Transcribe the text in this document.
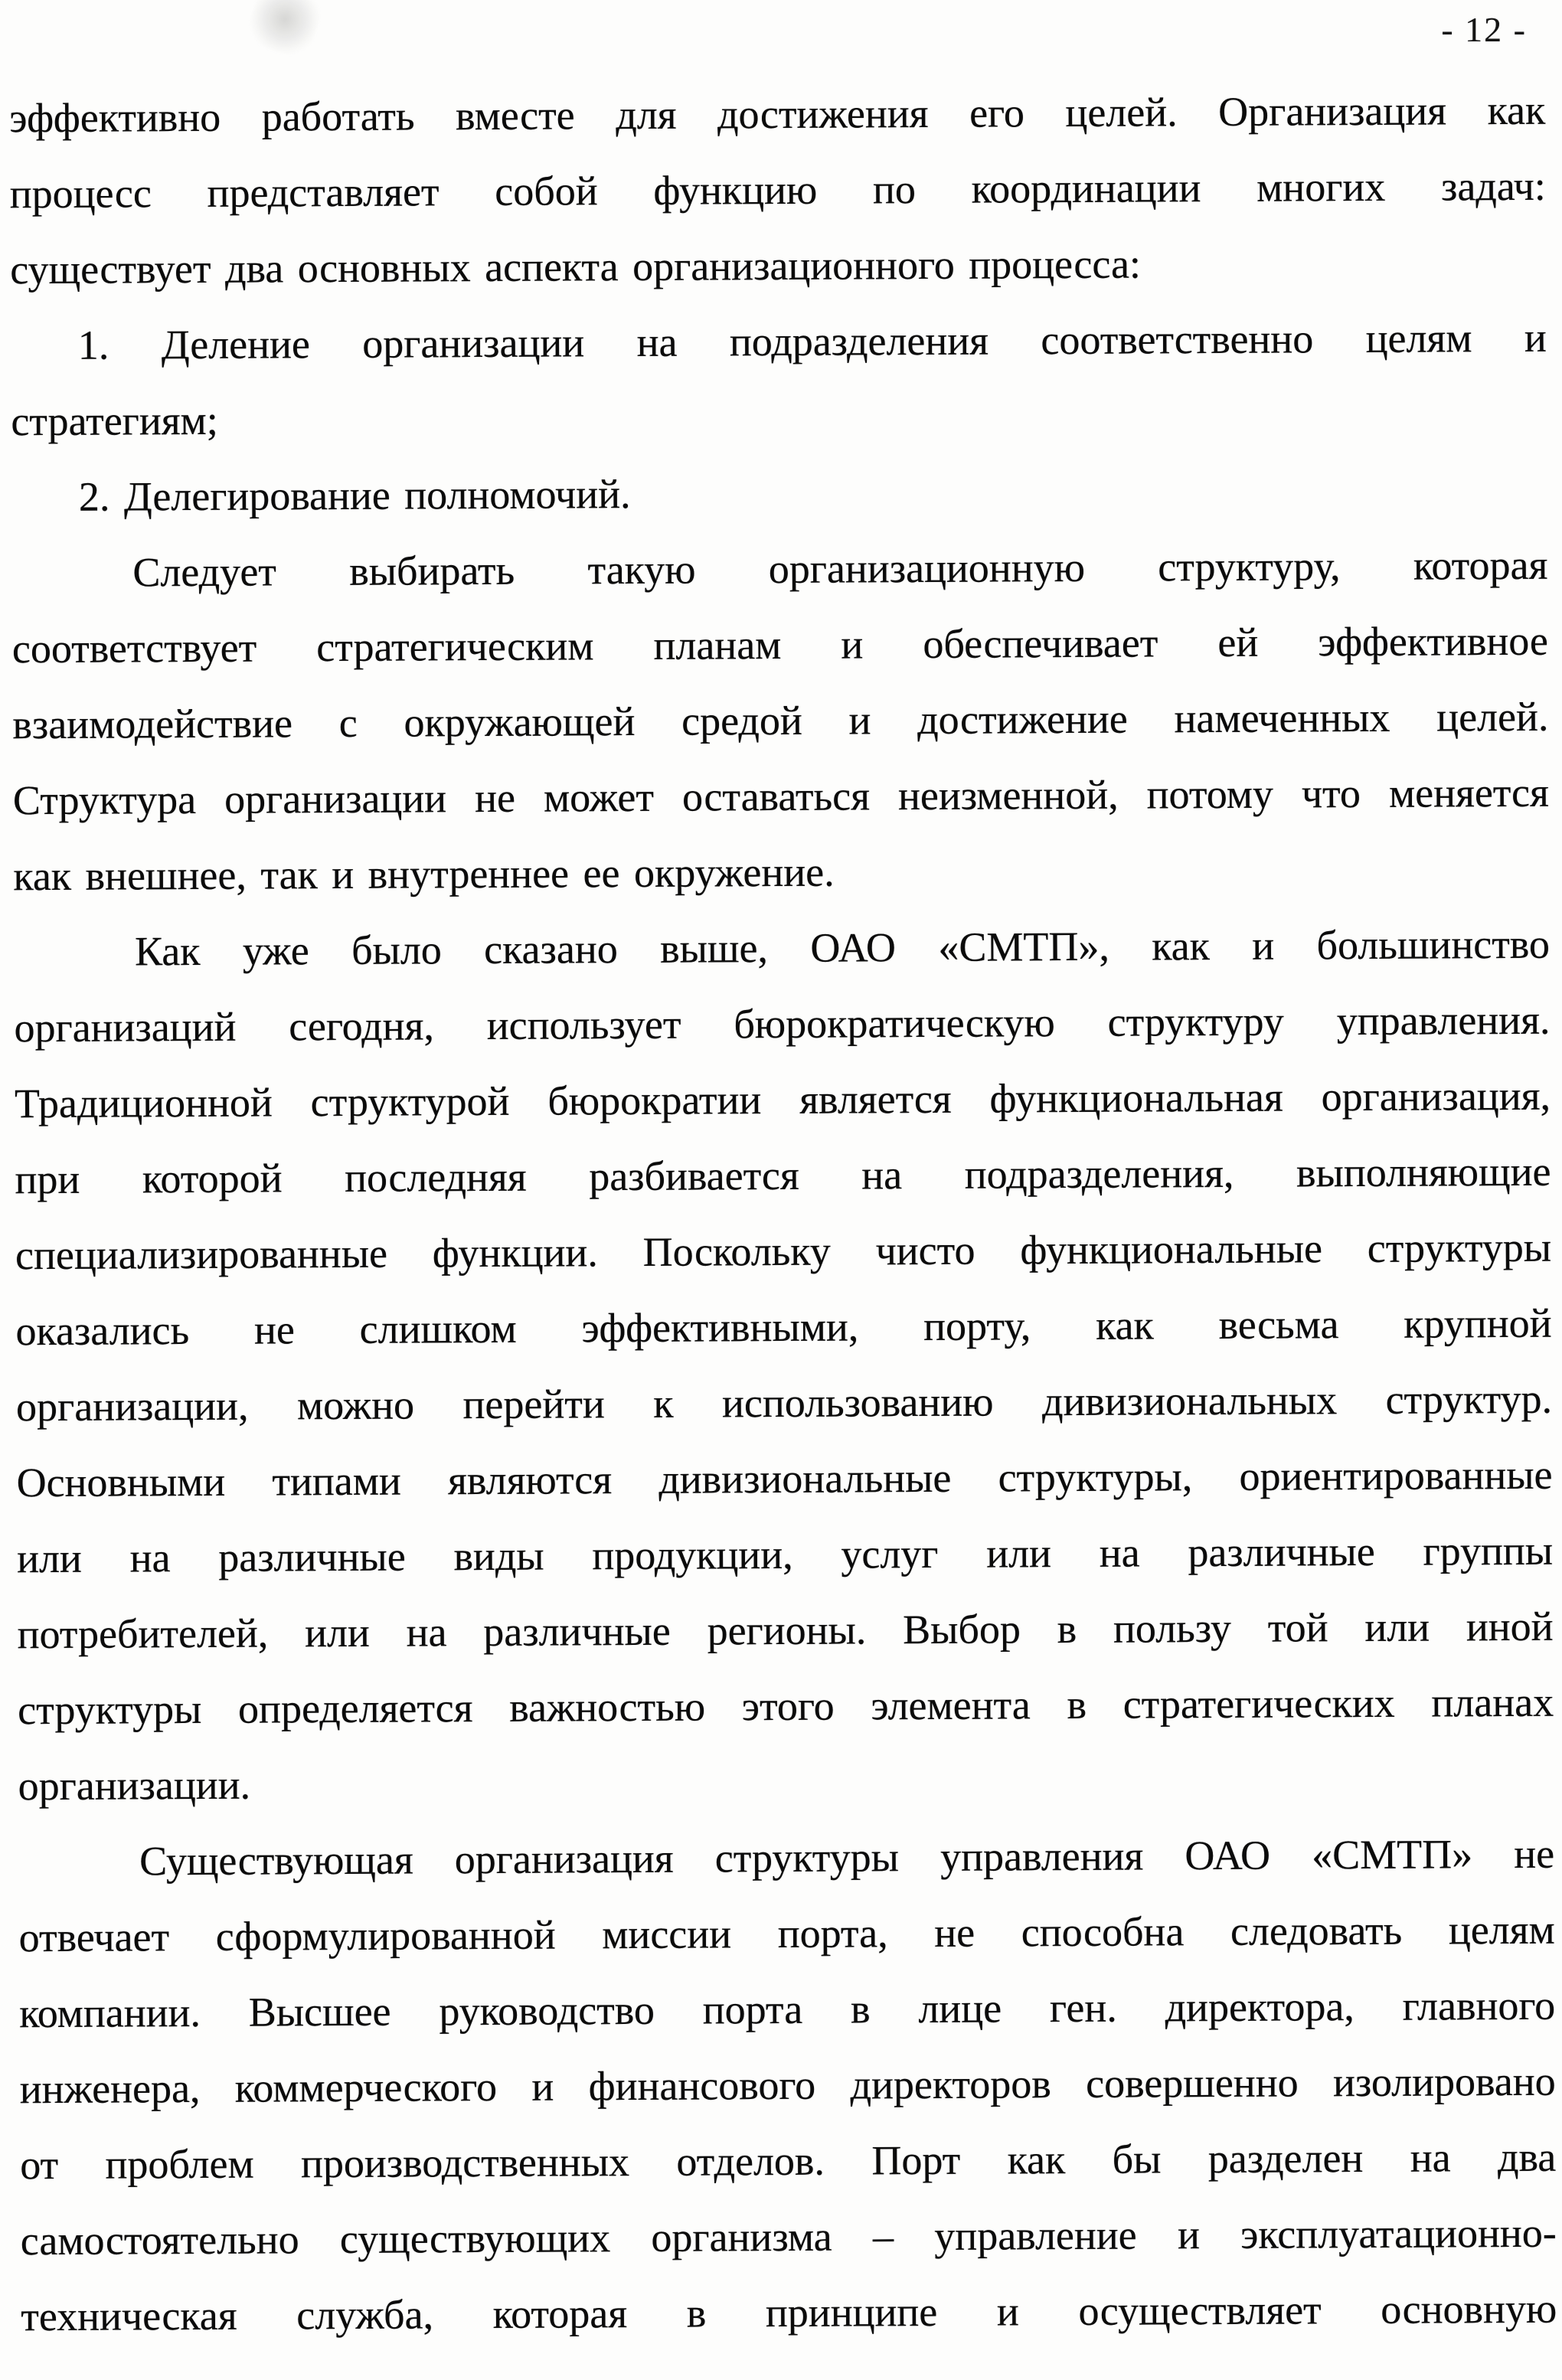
- 12 -
эффективно работать вместе для достижения его целей. Организация как
процесс представляет собой функцию по координации многих задач:
существует два основных аспекта организационного процесса:
1. Деление организации на подразделения соответственно целям и
стратегиям;
2. Делегирование полномочий.
Следует выбирать такую организационную структуру, которая
соответствует стратегическим планам и обеспечивает ей эффективное
взаимодействие с окружающей средой и достижение намеченных целей.
Структура организации не может оставаться неизменной, потому что меняется
как внешнее, так и внутреннее ее окружение.
Как уже было сказано выше, ОАО «СМТП», как и большинство
организаций сегодня, использует бюрократическую структуру управления.
Традиционной структурой бюрократии является функциональная организация,
при которой последняя разбивается на подразделения, выполняющие
специализированные функции. Поскольку чисто функциональные структуры
оказались не слишком эффективными, порту, как весьма крупной
организации, можно перейти к использованию дивизиональных структур.
Основными типами являются дивизиональные структуры, ориентированные
или на различные виды продукции, услуг или на различные группы
потребителей, или на различные регионы. Выбор в пользу той или иной
структуры определяется важностью этого элемента в стратегических планах
организации.
Существующая организация структуры управления ОАО «СМТП» не
отвечает сформулированной миссии порта, не способна следовать целям
компании. Высшее руководство порта в лице ген. директора, главного
инженера, коммерческого и финансового директоров совершенно изолировано
от проблем производственных отделов. Порт как бы разделен на два
самостоятельно существующих организма – управление и эксплуатационно-
техническая служба, которая в принципе и осуществляет основную
